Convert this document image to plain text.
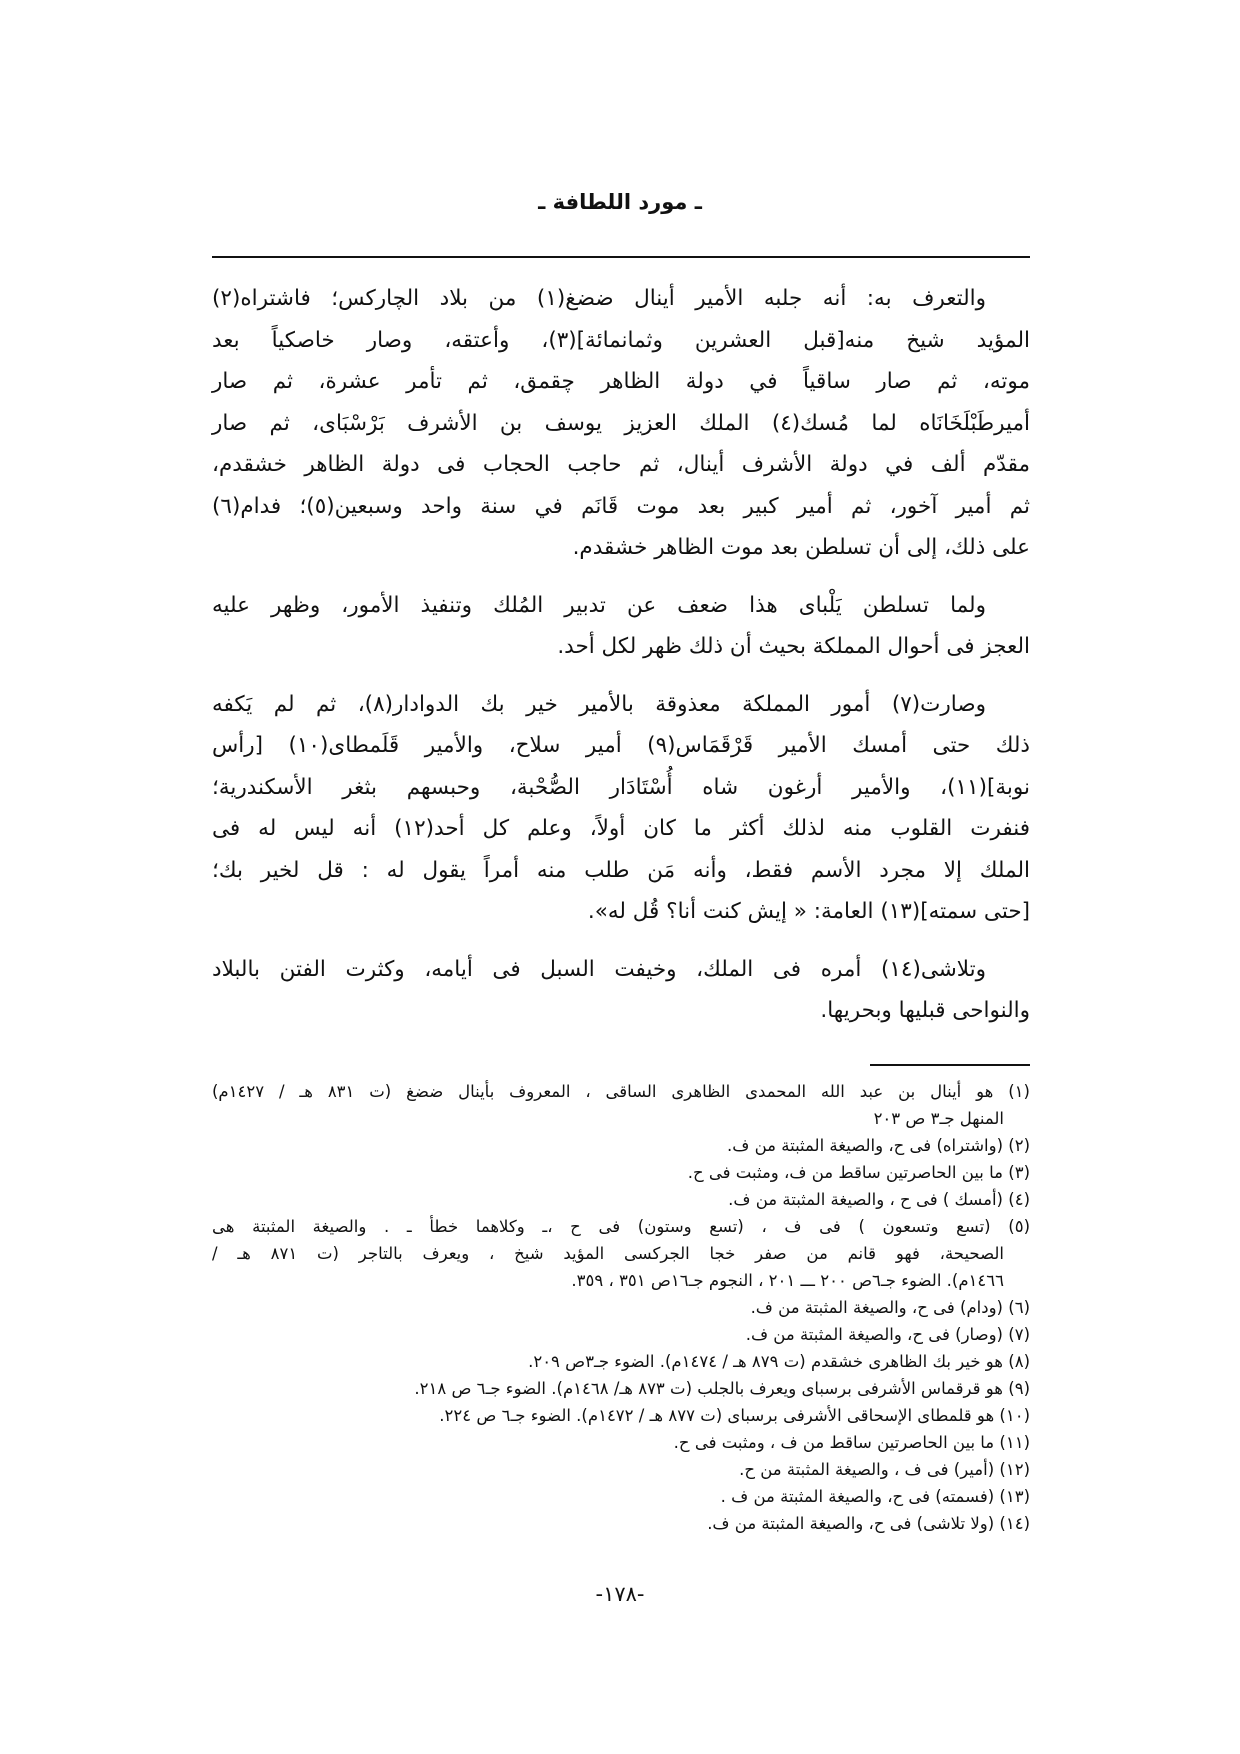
ـ مورد اللطافة ـ
والتعرف به: أنه جلبه الأمير أينال ضضغ(١) من بلاد الچاركس؛ فاشتراه(٢)
المؤيد شيخ منه[قبل العشرين وثمانمائة](٣)، وأعتقه، وصار خاصكياً بعد
موته، ثم صار ساقياً في دولة الظاهر چقمق، ثم تأمر عشرة، ثم صار
أميرطَبْلَخَانَاه لما مُسك(٤) الملك العزيز يوسف بن الأشرف بَرْسْبَاى، ثم صار
مقدّم ألف في دولة الأشرف أينال، ثم حاجب الحجاب فى دولة الظاهر خشقدم،
ثم أمير آخور، ثم أمير كبير بعد موت قَانَم في سنة واحد وسبعين(٥)؛ فدام(٦)
على ذلك، إلى أن تسلطن بعد موت الظاهر خشقدم.
ولما تسلطن يَلْباى هذا ضعف عن تدبير المُلك وتنفيذ الأمور، وظهر عليه
العجز فى أحوال المملكة بحيث أن ذلك ظهر لكل أحد.
وصارت(٧) أمور المملكة معذوقة بالأمير خير بك الدوادار(٨)، ثم لم يَكفه
ذلك حتى أمسك الأمير قَرْقَمَاس(٩) أمير سلاح، والأمير قَلَمطاى(١٠) [رأس
نوبة](١١)، والأمير أرغون شاه أُسْتَادَار الصُّحْبة، وحبسهم بثغر الأسكندرية؛
فنفرت القلوب منه لذلك أكثر ما كان أولاً، وعلم كل أحد(١٢) أنه ليس له فى
الملك إلا مجرد الأسم فقط، وأنه مَن طلب منه أمراً يقول له : قل لخير بك؛
[حتى سمته](١٣) العامة: « إيش كنت أنا؟ قُل له».
وتلاشى(١٤) أمره فى الملك، وخيفت السبل فى أيامه، وكثرت الفتن بالبلاد
والنواحى قبليها وبحريها.
(١) هو أينال بن عبد الله المحمدى الظاهرى الساقى ، المعروف بأينال ضضغ (ت ٨٣١ هـ / ١٤٢٧م)
المنهل جـ٣ ص ٢٠٣
(٢) (واشتراه) فى ح، والصيغة المثبتة من ف.
(٣) ما بين الحاصرتين ساقط من ف، ومثبت فى ح.
(٤) (أمسك ) فى ح ، والصيغة المثبتة من ف.
(٥) (تسع وتسعون ) فى ف ، (تسع وستون) فى ح ،ـ وكلاهما خطأ ـ . والصيغة المثبتة هى
الصحيحة، فهو قانم من صفر خجا الجركسى المؤيد شيخ ، ويعرف بالتاجر (ت ٨٧١ هـ /
١٤٦٦م). الضوء جـ٦ص ٢٠٠ ـــ ٢٠١ ، النجوم جـ١٦ص ٣٥١ ، ٣٥٩.
(٦) (ودام) فى ح، والصيغة المثبتة من ف.
(٧) (وصار) فى ح، والصيغة المثبتة من ف.
(٨) هو خير بك الظاهرى خشقدم (ت ٨٧٩ هـ / ١٤٧٤م). الضوء جـ٣ص ٢٠٩.
(٩) هو قرقماس الأشرفى برسباى ويعرف بالجلب (ت ٨٧٣ هـ/ ١٤٦٨م). الضوء جـ٦ ص ٢١٨.
(١٠) هو قلمطاى الإسحاقى الأشرفى برسباى (ت ٨٧٧ هـ / ١٤٧٢م). الضوء جـ٦ ص ٢٢٤.
(١١) ما بين الحاصرتين ساقط من ف ، ومثبت فى ح.
(١٢) (أمير) فى ف ، والصيغة المثبتة من ح.
(١٣) (فسمته) فى ح، والصيغة المثبتة من ف .
(١٤) (ولا تلاشى) فى ح، والصيغة المثبتة من ف.
-١٧٨-
